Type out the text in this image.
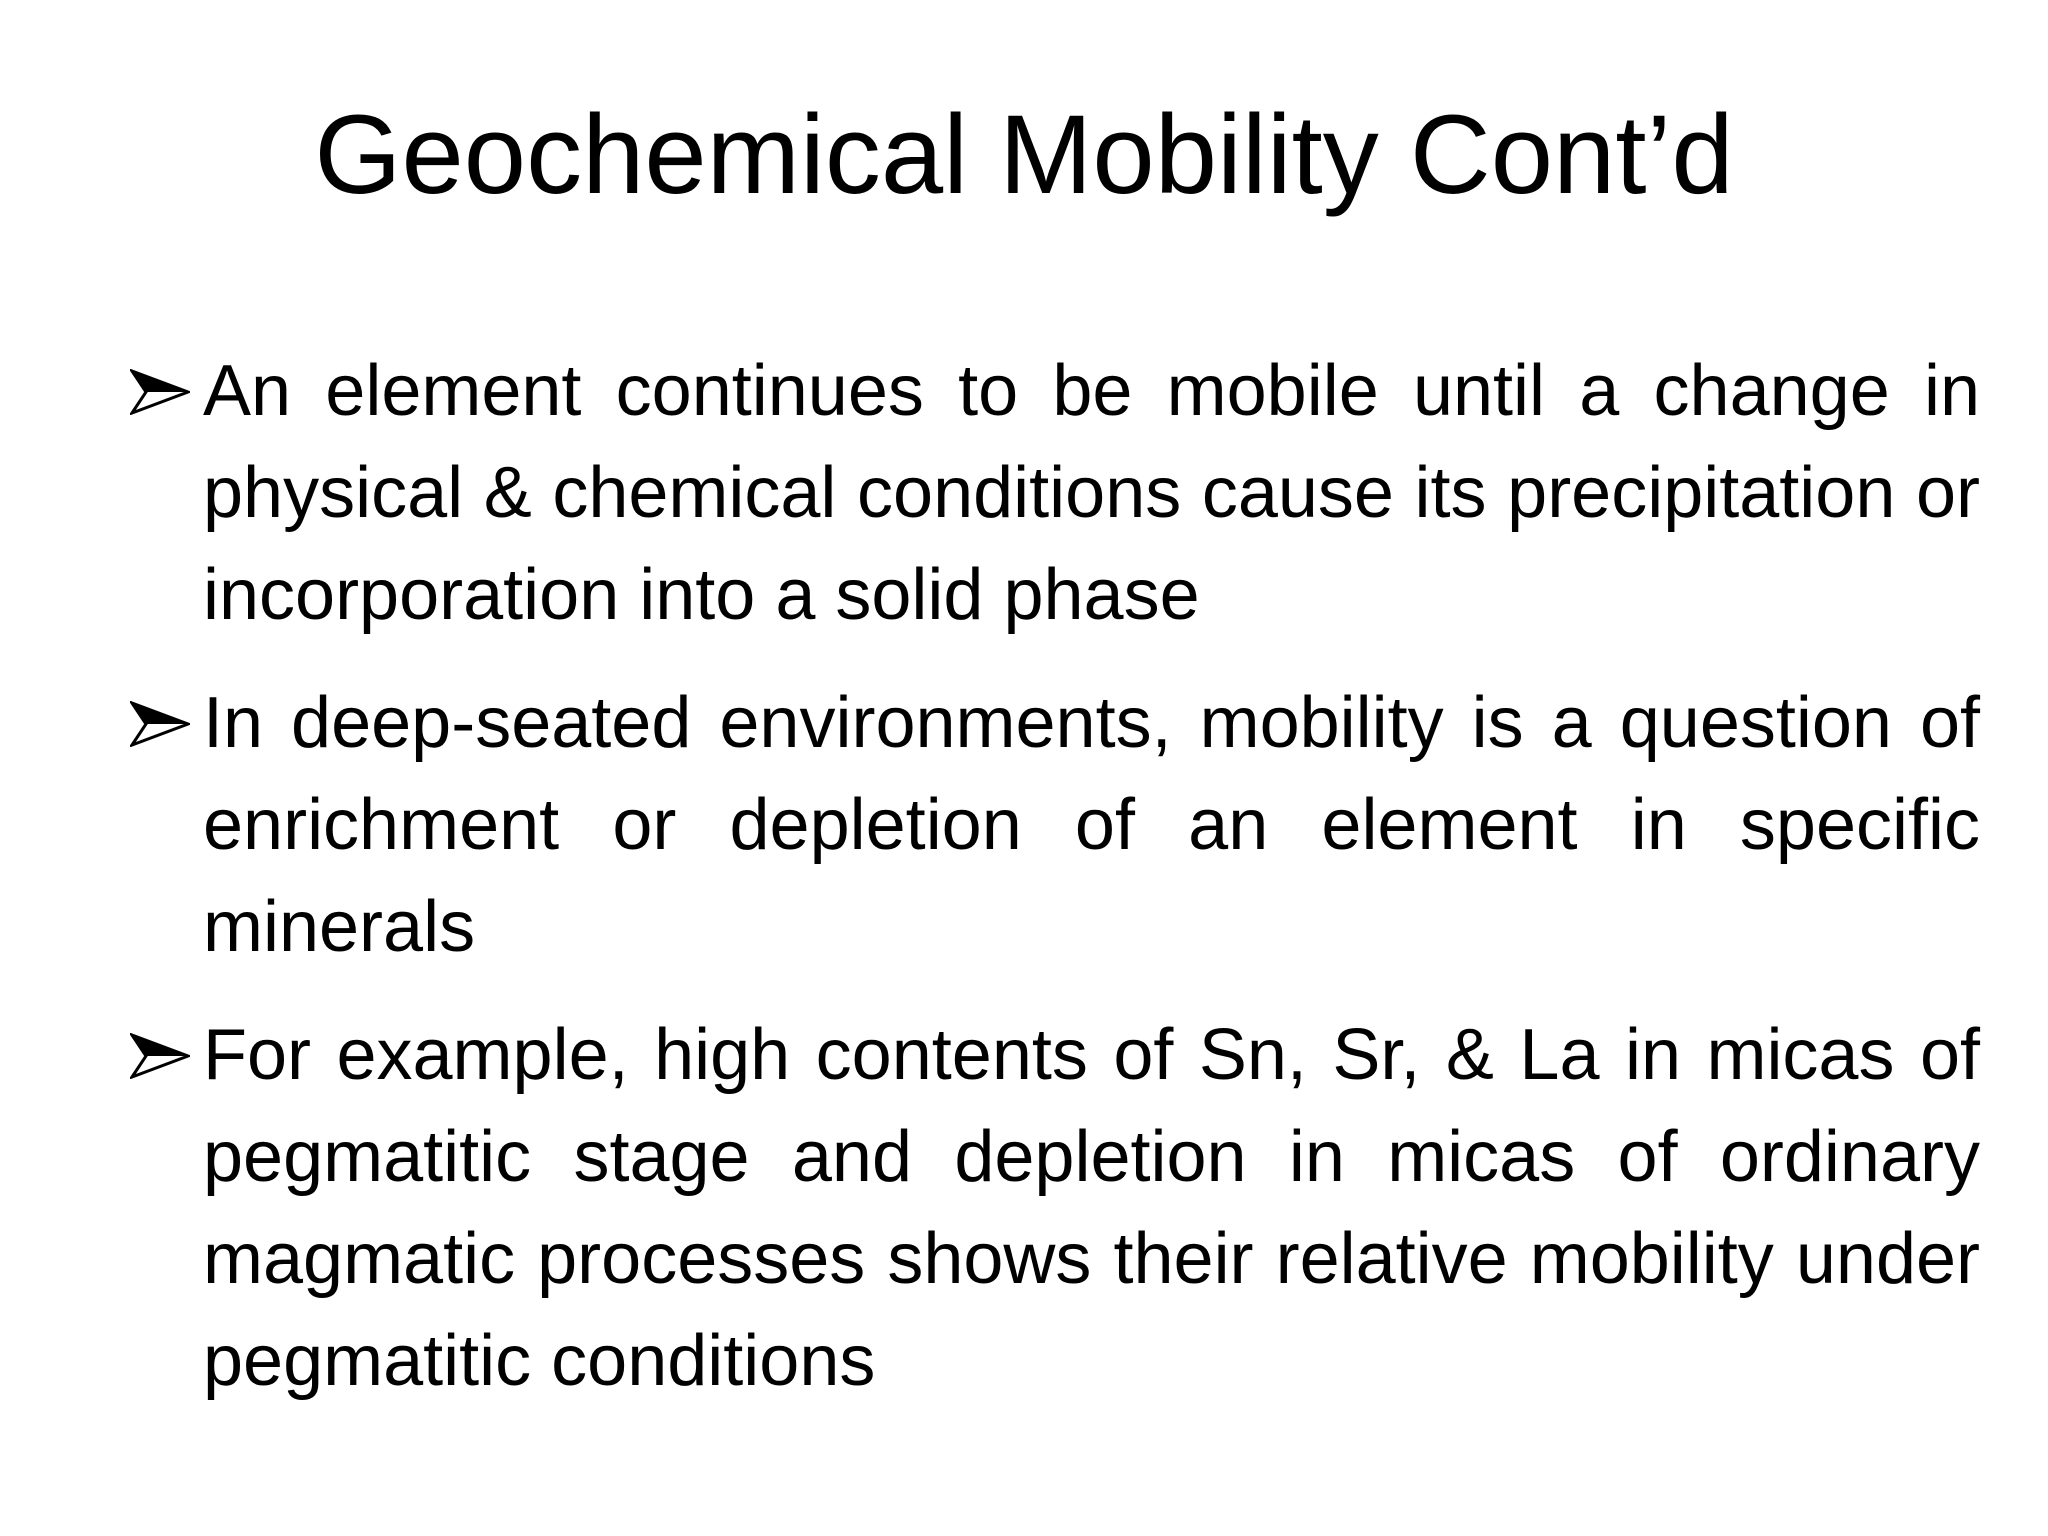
Geochemical Mobility Cont’d
An element continues to be mobile until a change in physical & chemical conditions cause its precipitation or incorporation into a solid phase
In deep-seated environments, mobility is a question of enrichment or depletion of an element in specific minerals
For example, high contents of Sn, Sr, & La in micas of pegmatitic stage and depletion in micas of ordinary magmatic processes shows their relative mobility under pegmatitic conditions
